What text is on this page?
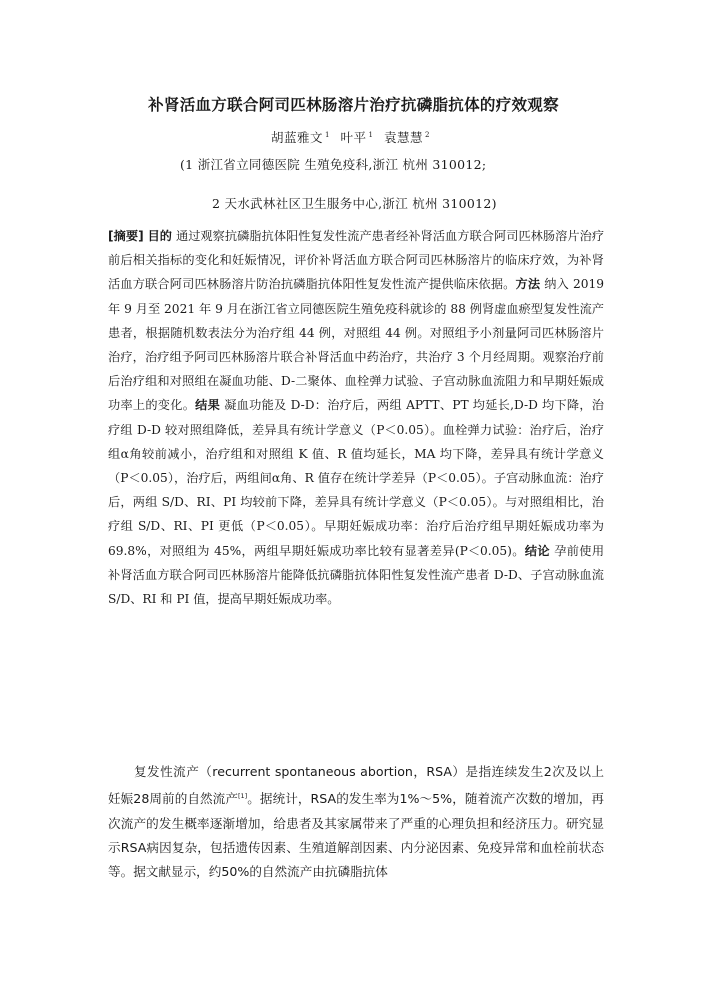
补肾活血方联合阿司匹林肠溶片治疗抗磷脂抗体的疗效观察
胡蓝雅文 $^1$ 叶平 $^1$ 袁慧慧 $^2$
(1 浙江省立同德医院 生殖免疫科,浙江 杭州 310012;
2 天水武林社区卫生服务中心,浙江 杭州 310012)
[摘要] 目的 通过观察抗磷脂抗体阳性复发性流产患者经补肾活血方联合阿司匹林肠溶片治疗前后相关指标的变化和妊娠情况，评价补肾活血方联合阿司匹林肠溶片的临床疗效，为补肾活血方联合阿司匹林肠溶片防治抗磷脂抗体阳性复发性流产提供临床依据。方法 纳入 2019 年 9 月至 2021 年 9 月在浙江省立同德医院生殖免疫科就诊的 88 例肾虚血瘀型复发性流产患者，根据随机数表法分为治疗组 44 例，对照组 44 例。对照组予小剂量阿司匹林肠溶片治疗，治疗组予阿司匹林肠溶片联合补肾活血中药治疗，共治疗 3 个月经周期。观察治疗前后治疗组和对照组在凝血功能、D-二聚体、血栓弹力试验、子宫动脉血流阻力和早期妊娠成功率上的变化。结果 凝血功能及 D-D：治疗后，两组 APTT、PT 均延长,D-D 均下降，治疗组 D-D 较对照组降低，差异具有统计学意义（P＜0.05）。血栓弹力试验：治疗后，治疗组α角较前减小，治疗组和对照组 K 值、R 值均延长，MA 均下降，差异具有统计学意义（P＜0.05），治疗后，两组间α角、R 值存在统计学差异（P＜0.05）。子宫动脉血流：治疗后，两组 S/D、RI、PI 均较前下降，差异具有统计学意义（P＜0.05）。与对照组相比，治疗组 S/D、RI、PI 更低（P＜0.05）。早期妊娠成功率：治疗后治疗组早期妊娠成功率为 69.8%，对照组为 45%，两组早期妊娠成功率比较有显著差异(P＜0.05)。结论 孕前使用补肾活血方联合阿司匹林肠溶片能降低抗磷脂抗体阳性复发性流产患者 D-D、子宫动脉血流 S/D、RI 和 PI 值，提高早期妊娠成功率。
复发性流产（recurrent spontaneous abortion，RSA）是指连续发生2次及以上妊娠28周前的自然流产[1]。据统计，RSA的发生率为1%～5%，随着流产次数的增加，再次流产的发生概率逐渐增加，给患者及其家属带来了严重的心理负担和经济压力。研究显示RSA病因复杂，包括遗传因素、生殖道解剖因素、内分泌因素、免疫异常和血栓前状态等。据文献显示，约50%的自然流产由抗磷脂抗体
